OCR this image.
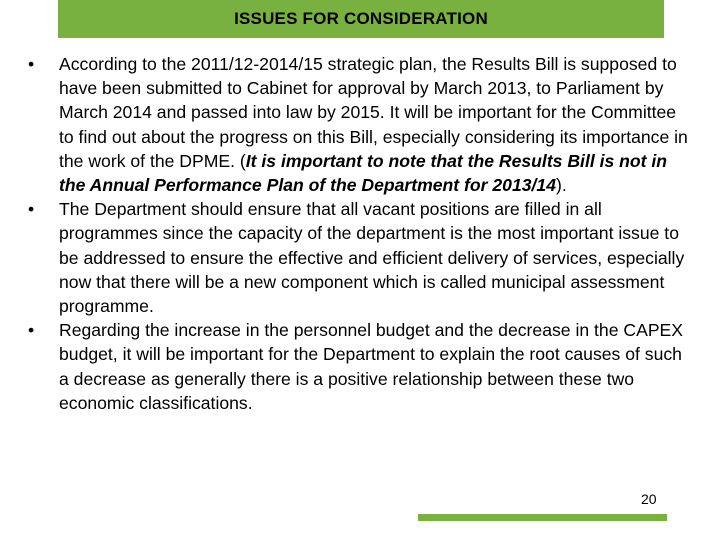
ISSUES FOR CONSIDERATION
• According to the 2011/12-2014/15 strategic plan, the Results Bill is supposed to have been submitted to Cabinet for approval by March 2013, to Parliament by March 2014 and passed into law by 2015. It will be important for the Committee to find out about the progress on this Bill, especially considering its importance in the work of the DPME. (It is important to note that the Results Bill is not in the Annual Performance Plan of the Department for 2013/14).
• The Department should ensure that all vacant positions are filled in all programmes since the capacity of the department is the most important issue to be addressed to ensure the effective and efficient delivery of services, especially now that there will be a new component which is called municipal assessment programme.
• Regarding the increase in the personnel budget and the decrease in the CAPEX budget, it will be important for the Department to explain the root causes of such a decrease as generally there is a positive relationship between these two economic classifications.
20
